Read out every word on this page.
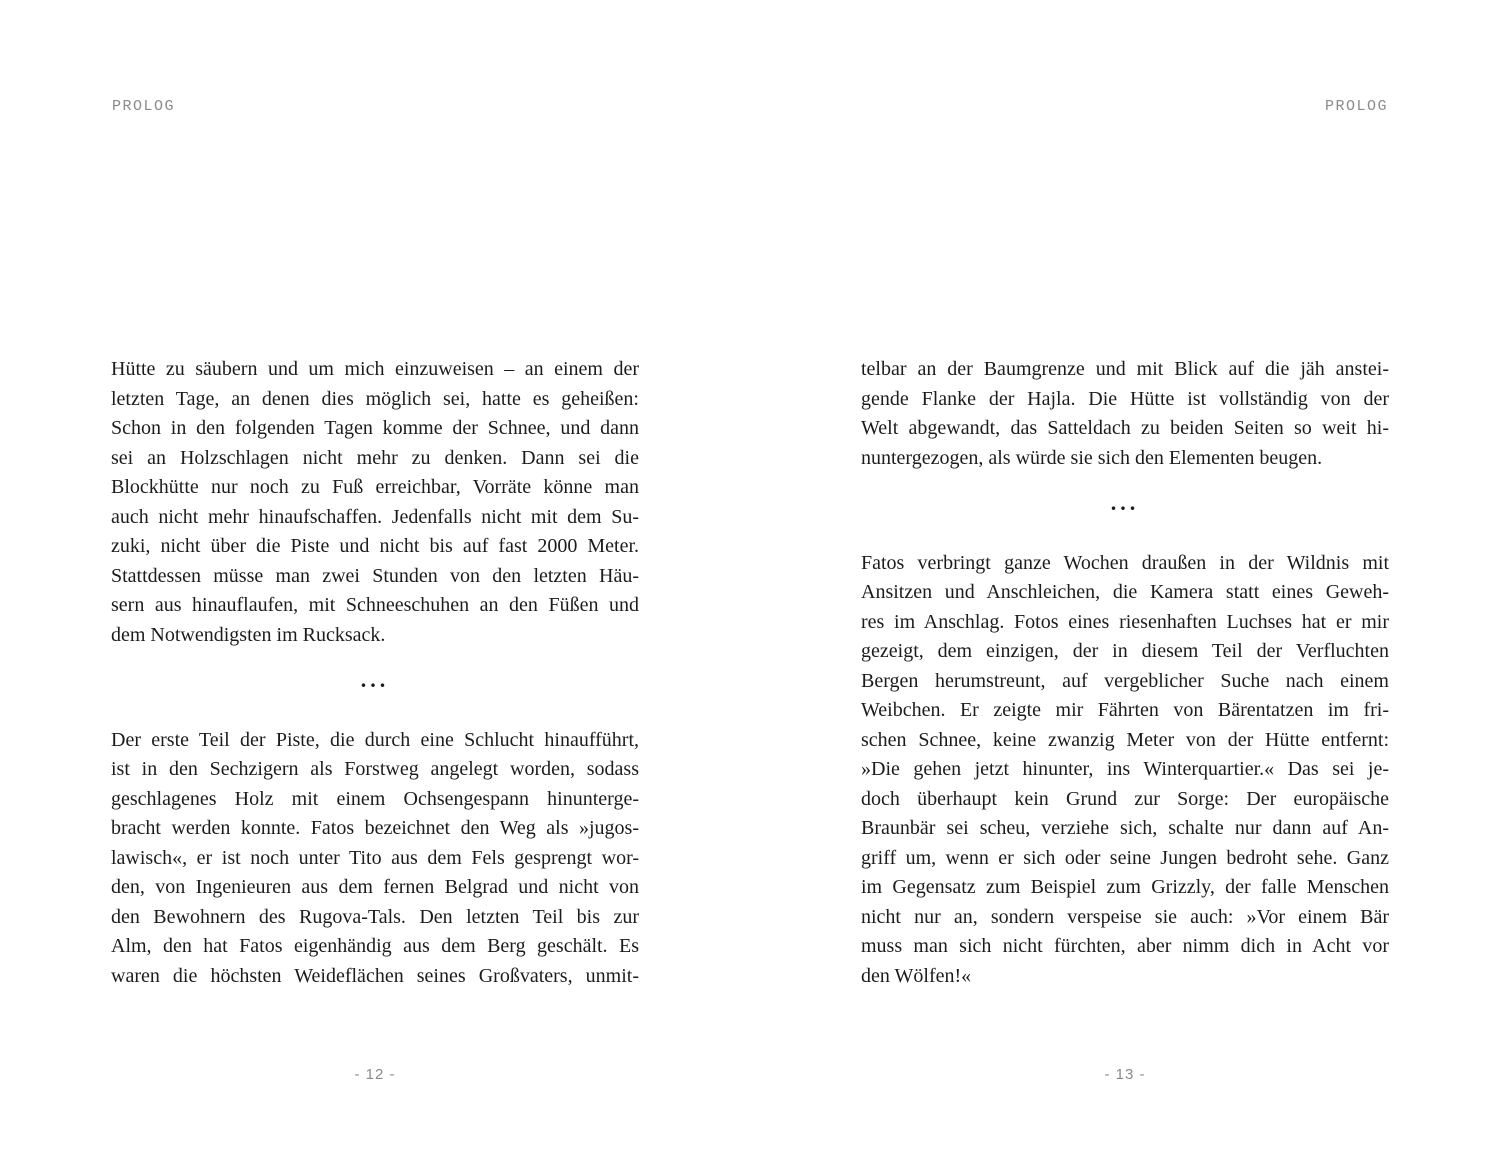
PROLOG
Hütte zu säubern und um mich einzuweisen – an einem der
letzten Tage, an denen dies möglich sei, hatte es geheißen:
Schon in den folgenden Tagen komme der Schnee, und dann
sei an Holzschlagen nicht mehr zu denken. Dann sei die
Blockhütte nur noch zu Fuß erreichbar, Vorräte könne man
auch nicht mehr hinaufschaffen. Jedenfalls nicht mit dem Su-
zuki, nicht über die Piste und nicht bis auf fast 2000 Meter.
Stattdessen müsse man zwei Stunden von den letzten Häu-
sern aus hinauflaufen, mit Schneeschuhen an den Füßen und
dem Notwendigsten im Rucksack.
...
Der erste Teil der Piste, die durch eine Schlucht hinaufführt,
ist in den Sechzigern als Forstweg angelegt worden, sodass
geschlagenes Holz mit einem Ochsengespann hinunterge-
bracht werden konnte. Fatos bezeichnet den Weg als »jugos-
lawisch«, er ist noch unter Tito aus dem Fels gesprengt wor-
den, von Ingenieuren aus dem fernen Belgrad und nicht von
den Bewohnern des Rugova-Tals. Den letzten Teil bis zur
Alm, den hat Fatos eigenhändig aus dem Berg geschält. Es
waren die höchsten Weideflächen seines Großvaters, unmit-
- 12 -
PROLOG
telbar an der Baumgrenze und mit Blick auf die jäh anstei-
gende Flanke der Hajla. Die Hütte ist vollständig von der
Welt abgewandt, das Satteldach zu beiden Seiten so weit hi-
nuntergezogen, als würde sie sich den Elementen beugen.
...
Fatos verbringt ganze Wochen draußen in der Wildnis mit
Ansitzen und Anschleichen, die Kamera statt eines Geweh-
res im Anschlag. Fotos eines riesenhaften Luchses hat er mir
gezeigt, dem einzigen, der in diesem Teil der Verfluchten
Bergen herumstreunt, auf vergeblicher Suche nach einem
Weibchen. Er zeigte mir Fährten von Bärentatzen im fri-
schen Schnee, keine zwanzig Meter von der Hütte entfernt:
»Die gehen jetzt hinunter, ins Winterquartier.« Das sei je-
doch überhaupt kein Grund zur Sorge: Der europäische
Braunbär sei scheu, verziehe sich, schalte nur dann auf An-
griff um, wenn er sich oder seine Jungen bedroht sehe. Ganz
im Gegensatz zum Beispiel zum Grizzly, der falle Menschen
nicht nur an, sondern verspeise sie auch: »Vor einem Bär
muss man sich nicht fürchten, aber nimm dich in Acht vor
den Wölfen!«
- 13 -
